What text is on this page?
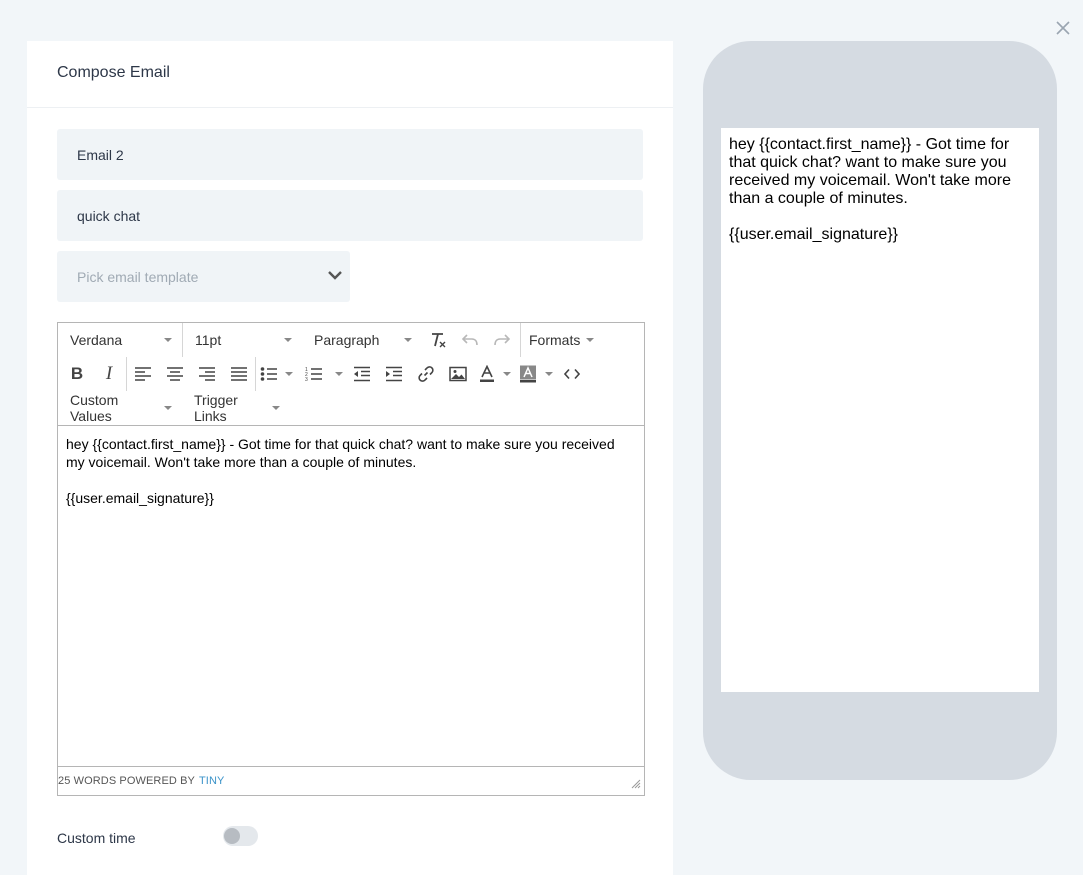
Compose Email
Email 2
quick chat
Pick email template
Verdana	11pt	Paragraph	Formats
B I	1
2
3
Custom Values
Trigger Links

hey {{contact.first_name}} - Got time for that quick chat? want to make sure you received my voicemail. Won't take more than a couple of minutes.

{{user.email_signature}}

25 WORDS POWERED BY TINY
Custom time

hey {{contact.first_name}} - Got time for that quick chat? want to make sure you received my voicemail. Won't take more than a couple of minutes.

{{user.email_signature}}
